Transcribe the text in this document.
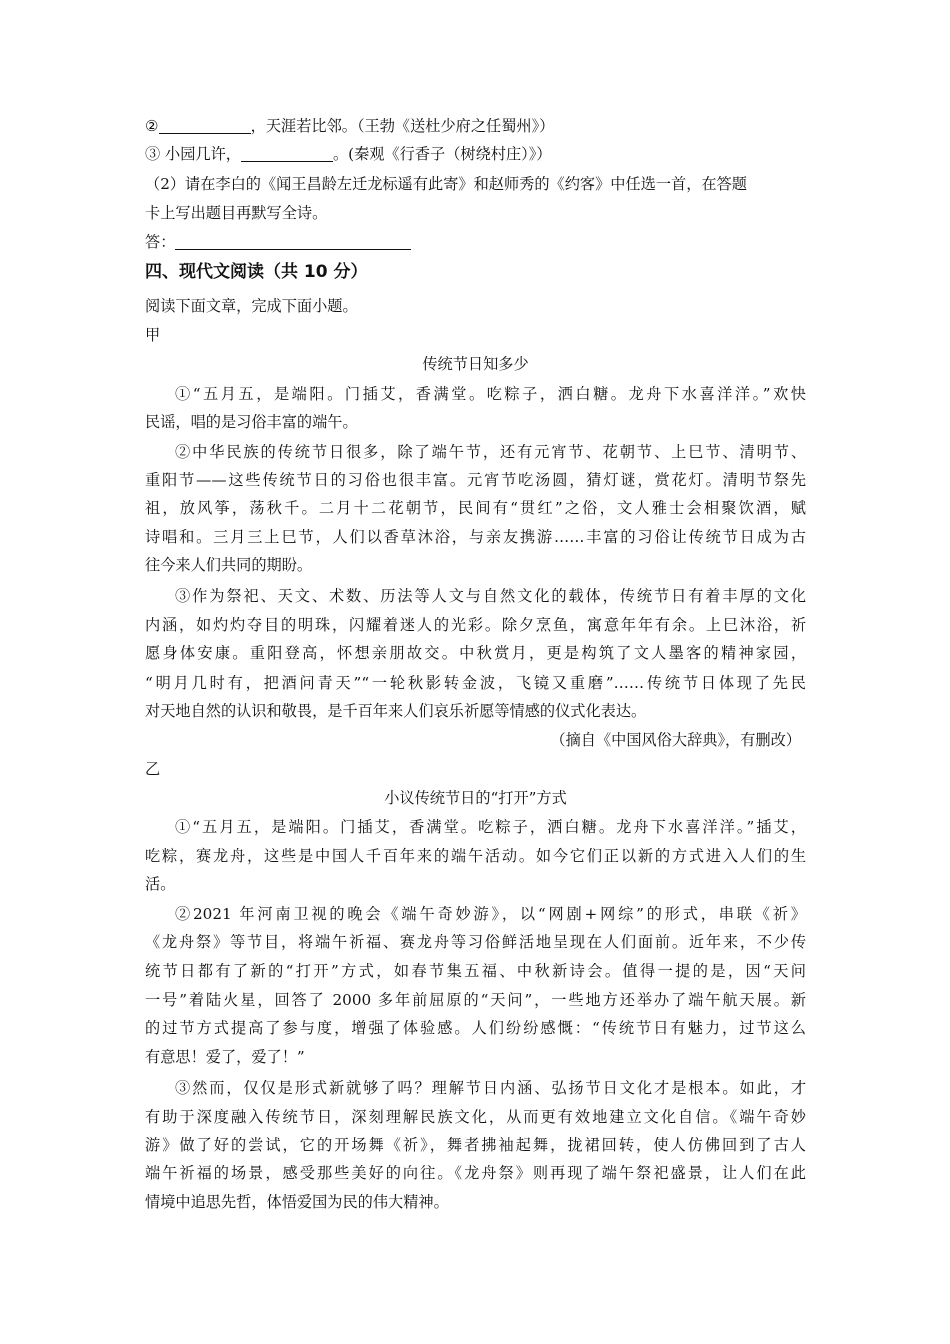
②	，天涯若比邻。（王勃《送杜少府之任蜀州》）
③ 小园几许，	。(秦观《行香子（树绕村庄）》）
（2）请在李白的《闻王昌龄左迁龙标遥有此寄》和赵师秀的《约客》中任选一首，在答题
卡上写出题目再默写全诗。
答：
四、现代文阅读（共 10 分）
阅读下面文章，完成下面小题。
甲
传统节日知多少
①“五月五，是端阳。门插艾，香满堂。吃粽子，洒白糖。龙舟下水喜洋洋。”欢快
民谣，唱的是习俗丰富的端午。
②中华民族的传统节日很多，除了端午节，还有元宵节、花朝节、上巳节、清明节、
重阳节——这些传统节日的习俗也很丰富。元宵节吃汤圆，猜灯谜，赏花灯。清明节祭先
祖，放风筝，荡秋千。二月十二花朝节，民间有“贯红”之俗，文人雅士会相聚饮酒，赋
诗唱和。三月三上巳节，人们以香草沐浴，与亲友携游……丰富的习俗让传统节日成为古
往今来人们共同的期盼。
③作为祭祀、天文、术数、历法等人文与自然文化的载体，传统节日有着丰厚的文化
内涵，如灼灼夺目的明珠，闪耀着迷人的光彩。除夕烹鱼，寓意年年有余。上巳沐浴，祈
愿身体安康。重阳登高，怀想亲朋故交。中秋赏月，更是构筑了文人墨客的精神家园，
“明月几时有，把酒问青天”“一轮秋影转金波，飞镜又重磨”……传统节日体现了先民
对天地自然的认识和敬畏，是千百年来人们哀乐祈愿等情感的仪式化表达。
（摘自《中国风俗大辞典》，有删改）
乙
小议传统节日的“打开”方式
①“五月五，是端阳。门插艾，香满堂。吃粽子，洒白糖。龙舟下水喜洋洋。”插艾，
吃粽，赛龙舟，这些是中国人千百年来的端午活动。如今它们正以新的方式进入人们的生
活。
②2021 年河南卫视的晚会《端午奇妙游》，以“网剧+网综”的形式，串联《祈》
《龙舟祭》等节目，将端午祈福、赛龙舟等习俗鲜活地呈现在人们面前。近年来，不少传
统节日都有了新的“打开”方式，如春节集五福、中秋新诗会。值得一提的是，因“天问
一号”着陆火星，回答了 2000 多年前屈原的“天问”，一些地方还举办了端午航天展。新
的过节方式提高了参与度，增强了体验感。人们纷纷感慨：“传统节日有魅力，过节这么
有意思！爱了，爱了！”
③然而，仅仅是形式新就够了吗？理解节日内涵、弘扬节日文化才是根本。如此，才
有助于深度融入传统节日，深刻理解民族文化，从而更有效地建立文化自信。《端午奇妙
游》做了好的尝试，它的开场舞《祈》，舞者拂袖起舞，拢裙回转，使人仿佛回到了古人
端午祈福的场景，感受那些美好的向往。《龙舟祭》则再现了端午祭祀盛景，让人们在此
情境中追思先哲，体悟爱国为民的伟大精神。
